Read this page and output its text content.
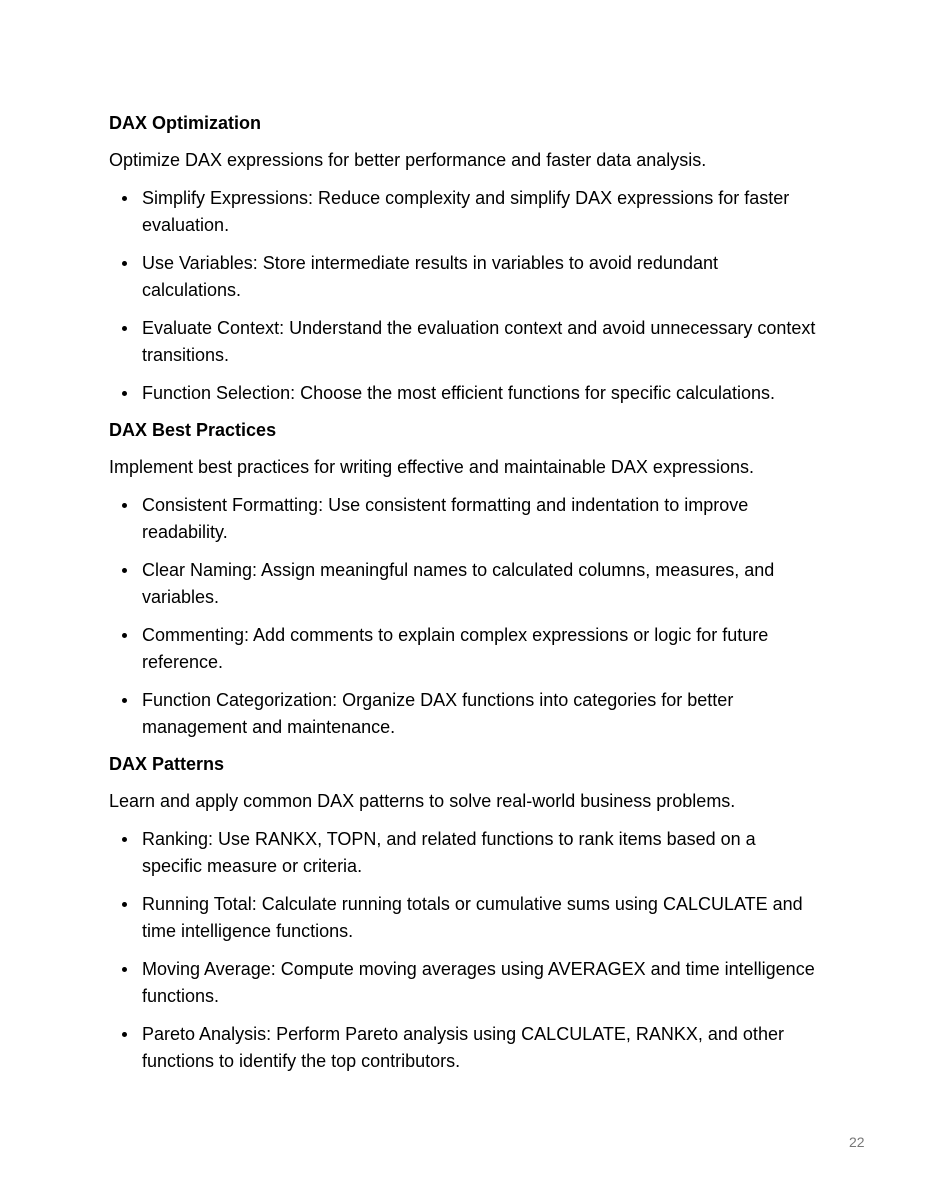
DAX Optimization

Optimize DAX expressions for better performance and faster data analysis.

Simplify Expressions: Reduce complexity and simplify DAX expressions for faster evaluation.
Use Variables: Store intermediate results in variables to avoid redundant calculations.
Evaluate Context: Understand the evaluation context and avoid unnecessary context transitions.
Function Selection: Choose the most efficient functions for specific calculations.
DAX Best Practices

Implement best practices for writing effective and maintainable DAX expressions.

Consistent Formatting: Use consistent formatting and indentation to improve readability.
Clear Naming: Assign meaningful names to calculated columns, measures, and variables.
Commenting: Add comments to explain complex expressions or logic for future reference.
Function Categorization: Organize DAX functions into categories for better management and maintenance.
DAX Patterns

Learn and apply common DAX patterns to solve real-world business problems.

Ranking: Use RANKX, TOPN, and related functions to rank items based on a specific measure or criteria.
Running Total: Calculate running totals or cumulative sums using CALCULATE and time intelligence functions.
Moving Average: Compute moving averages using AVERAGEX and time intelligence functions.
Pareto Analysis: Perform Pareto analysis using CALCULATE, RANKX, and other functions to identify the top contributors.
22
